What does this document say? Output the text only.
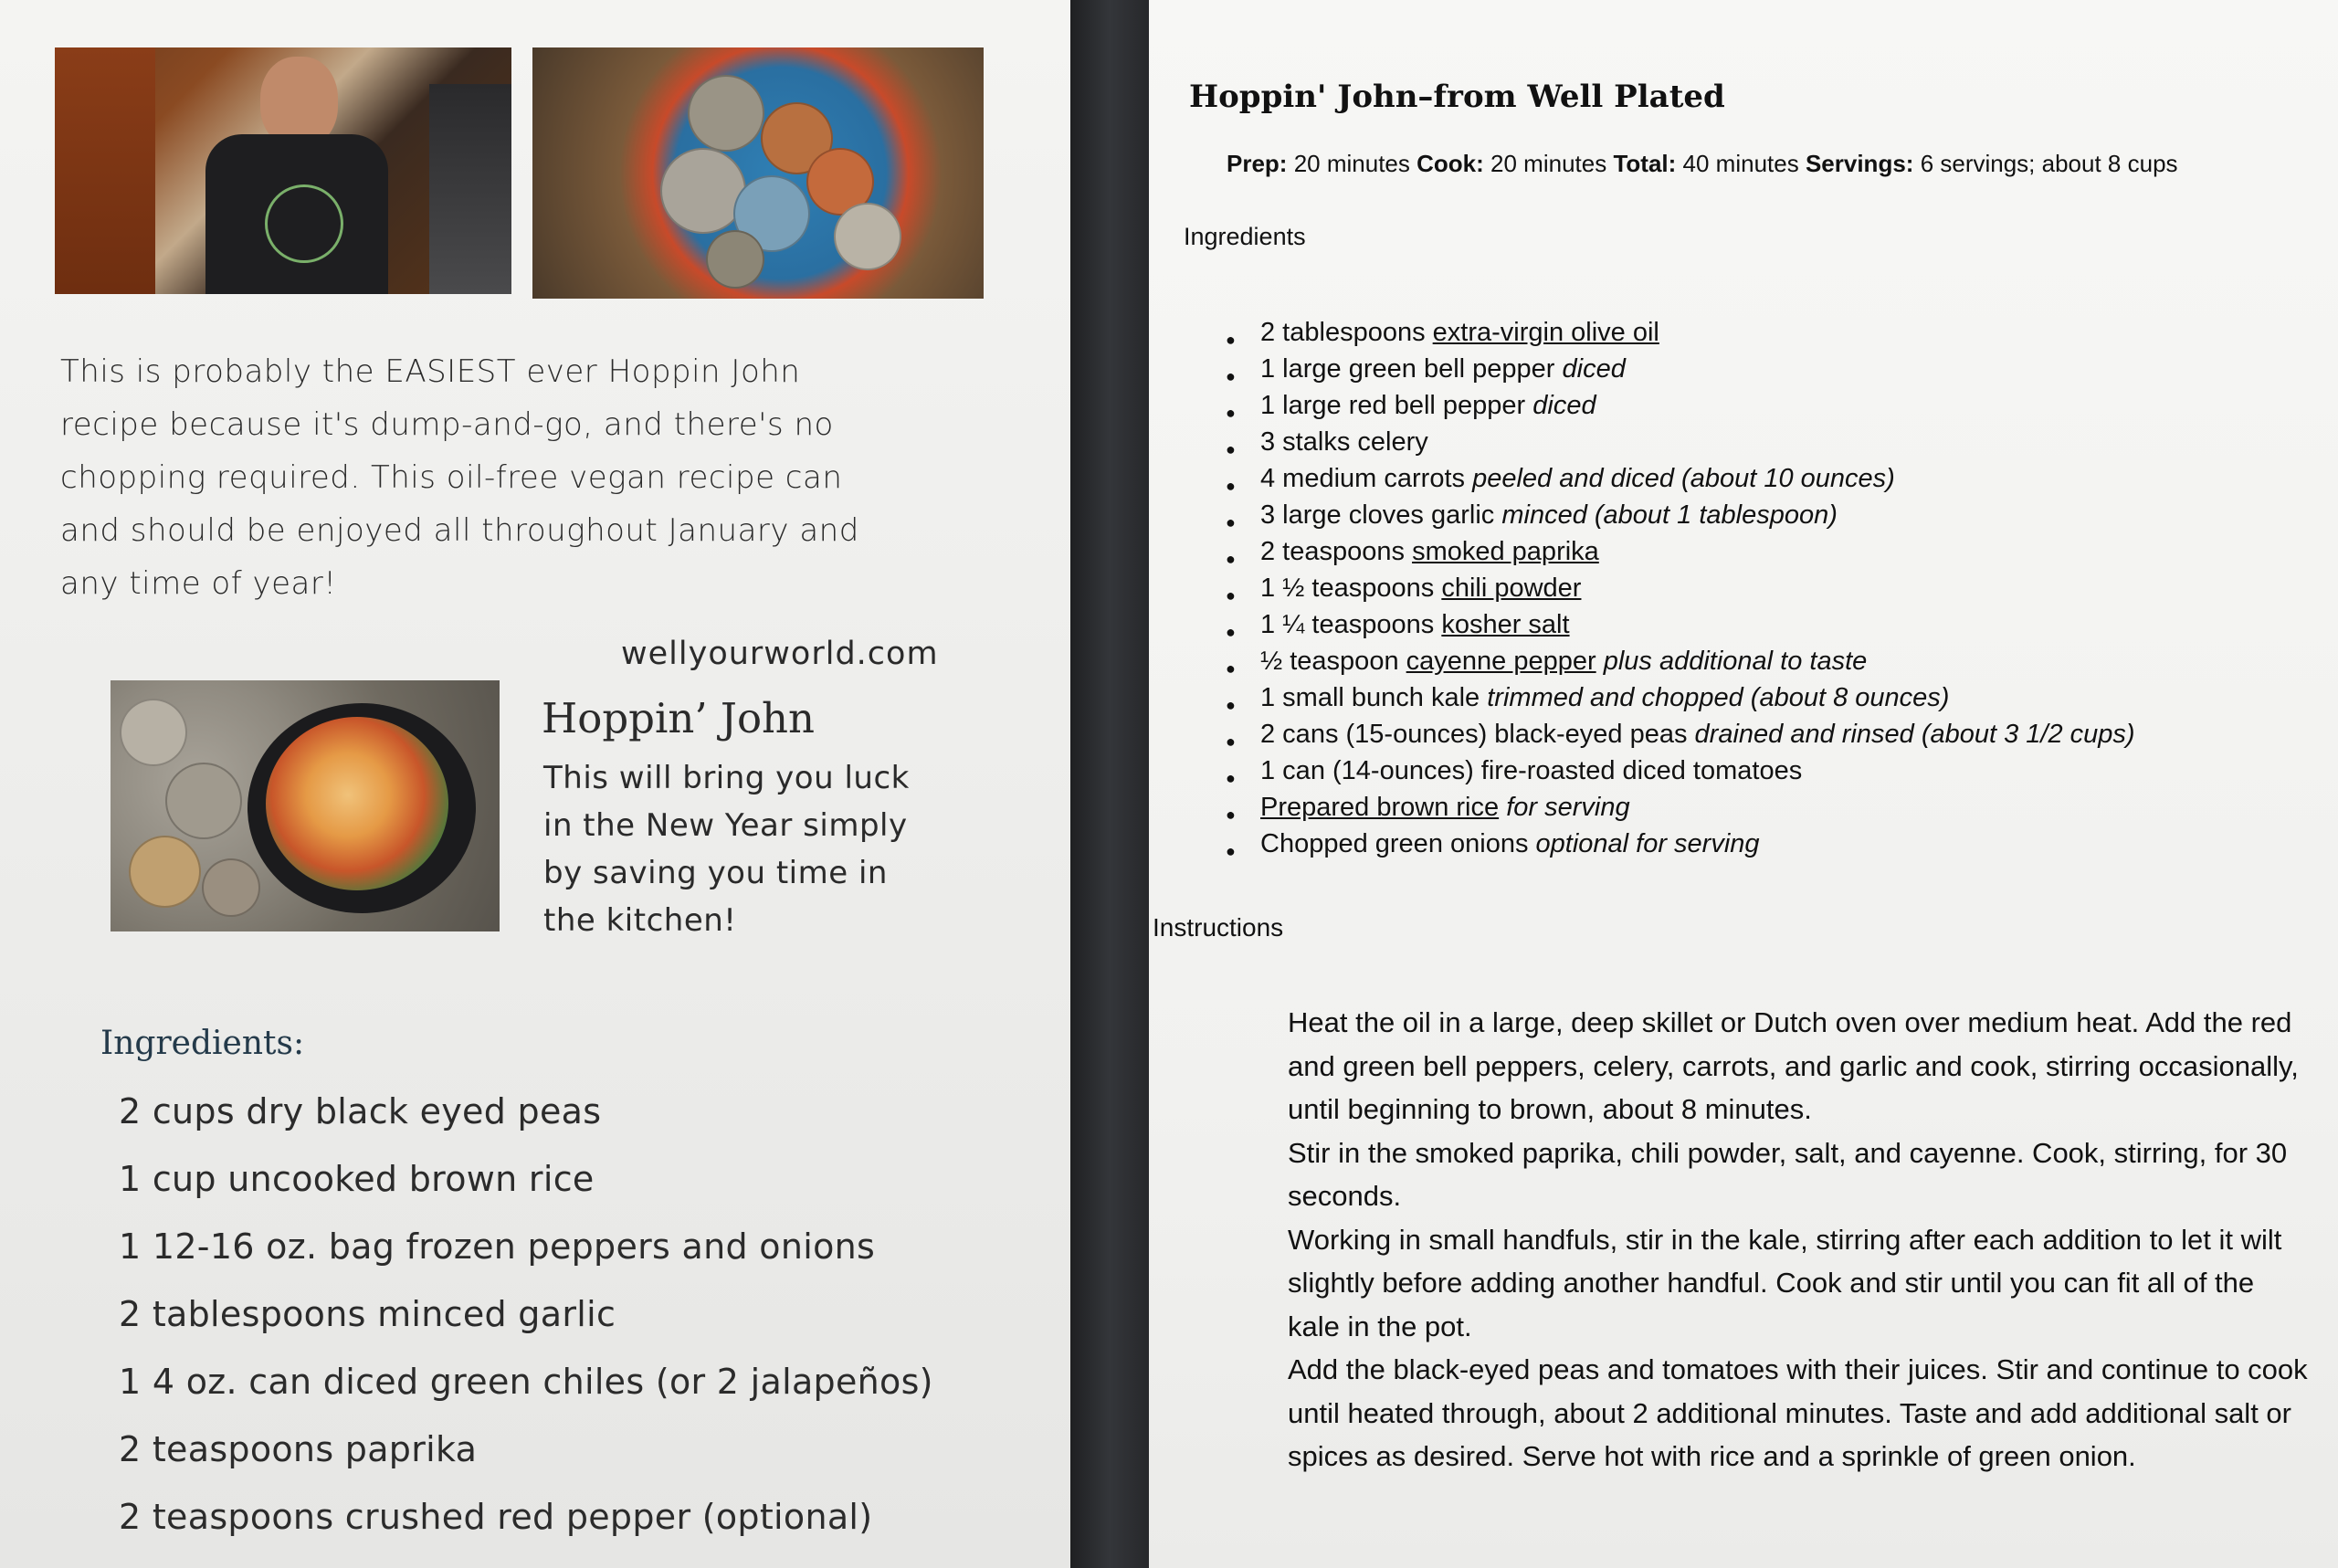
This is probably the EASIEST ever Hoppin John recipe because it's dump-and-go, and there's no chopping required. This oil-free vegan recipe can and should be enjoyed all throughout January and any time of year!
wellyourworld.com
Hoppin’ John
This will bring you luck in the New Year simply by saving you time in the kitchen!
Ingredients:
2 cups dry black eyed peas
1 cup uncooked brown rice
1 12-16 oz. bag frozen peppers and onions
2 tablespoons minced garlic
1 4 oz. can diced green chiles (or 2 jalapeños)
2 teaspoons paprika
2 teaspoons crushed red pepper (optional)
Hoppin' John–from Well Plated
Prep: 20 minutes Cook: 20 minutes Total: 40 minutes Servings: 6 servings; about 8 cups
Ingredients
● 2 tablespoons extra-virgin olive oil
● 1 large green bell pepper diced
● 1 large red bell pepper diced
● 3 stalks celery
● 4 medium carrots peeled and diced (about 10 ounces)
● 3 large cloves garlic minced (about 1 tablespoon)
● 2 teaspoons smoked paprika
● 1 ½ teaspoons chili powder
● 1 ¼ teaspoons kosher salt
● ½ teaspoon cayenne pepper plus additional to taste
● 1 small bunch kale trimmed and chopped (about 8 ounces)
● 2 cans (15-ounces) black-eyed peas drained and rinsed (about 3 1/2 cups)
● 1 can (14-ounces) fire-roasted diced tomatoes
● Prepared brown rice for serving
● Chopped green onions optional for serving
Instructions
Heat the oil in a large, deep skillet or Dutch oven over medium heat. Add the red and green bell peppers, celery, carrots, and garlic and cook, stirring occasionally, until beginning to brown, about 8 minutes.
Stir in the smoked paprika, chili powder, salt, and cayenne. Cook, stirring, for 30 seconds.
Working in small handfuls, stir in the kale, stirring after each addition to let it wilt slightly before adding another handful. Cook and stir until you can fit all of the kale in the pot.
Add the black-eyed peas and tomatoes with their juices. Stir and continue to cook until heated through, about 2 additional minutes. Taste and add additional salt or spices as desired. Serve hot with rice and a sprinkle of green onion.
